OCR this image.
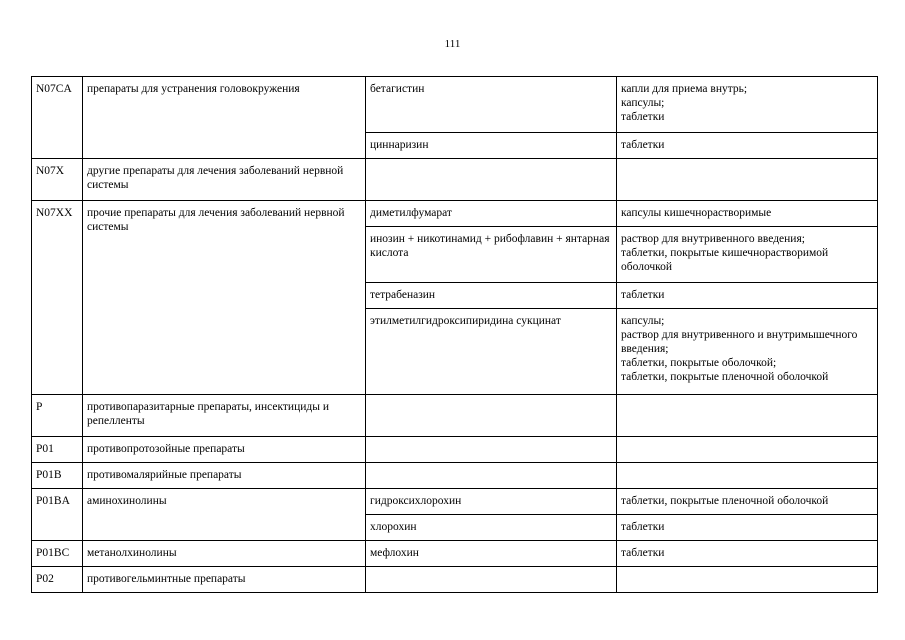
111
N07CA	препараты для устранения головокружения	бетагистин	капли для приема внутрь;
капсулы;
таблетки

		циннаризин	таблетки

N07X	другие препараты для лечения заболеваний нервной системы		
N07XX	прочие препараты для лечения заболеваний нервной системы	диметилфумарат	капсулы кишечнорастворимые

		инозин + никотинамид + рибофлавин + янтарная кислота	раствор для внутривенного введения;
таблетки, покрытые кишечнорастворимой оболочкой

		тетрабеназин	таблетки

		этилметилгидроксипиридина сукцинат	капсулы;
раствор для внутривенного и внутримышечного введения;
таблетки, покрытые оболочкой;
таблетки, покрытые пленочной оболочкой

P	противопаразитарные препараты, инсектициды и репелленты		
P01	противопротозойные препараты		
P01B	противомалярийные препараты		
P01BA	аминохинолины	гидроксихлорохин	таблетки, покрытые пленочной оболочкой

		хлорохин	таблетки

P01BC	метанолхинолины	мефлохин	таблетки

P02	противогельминтные препараты		
